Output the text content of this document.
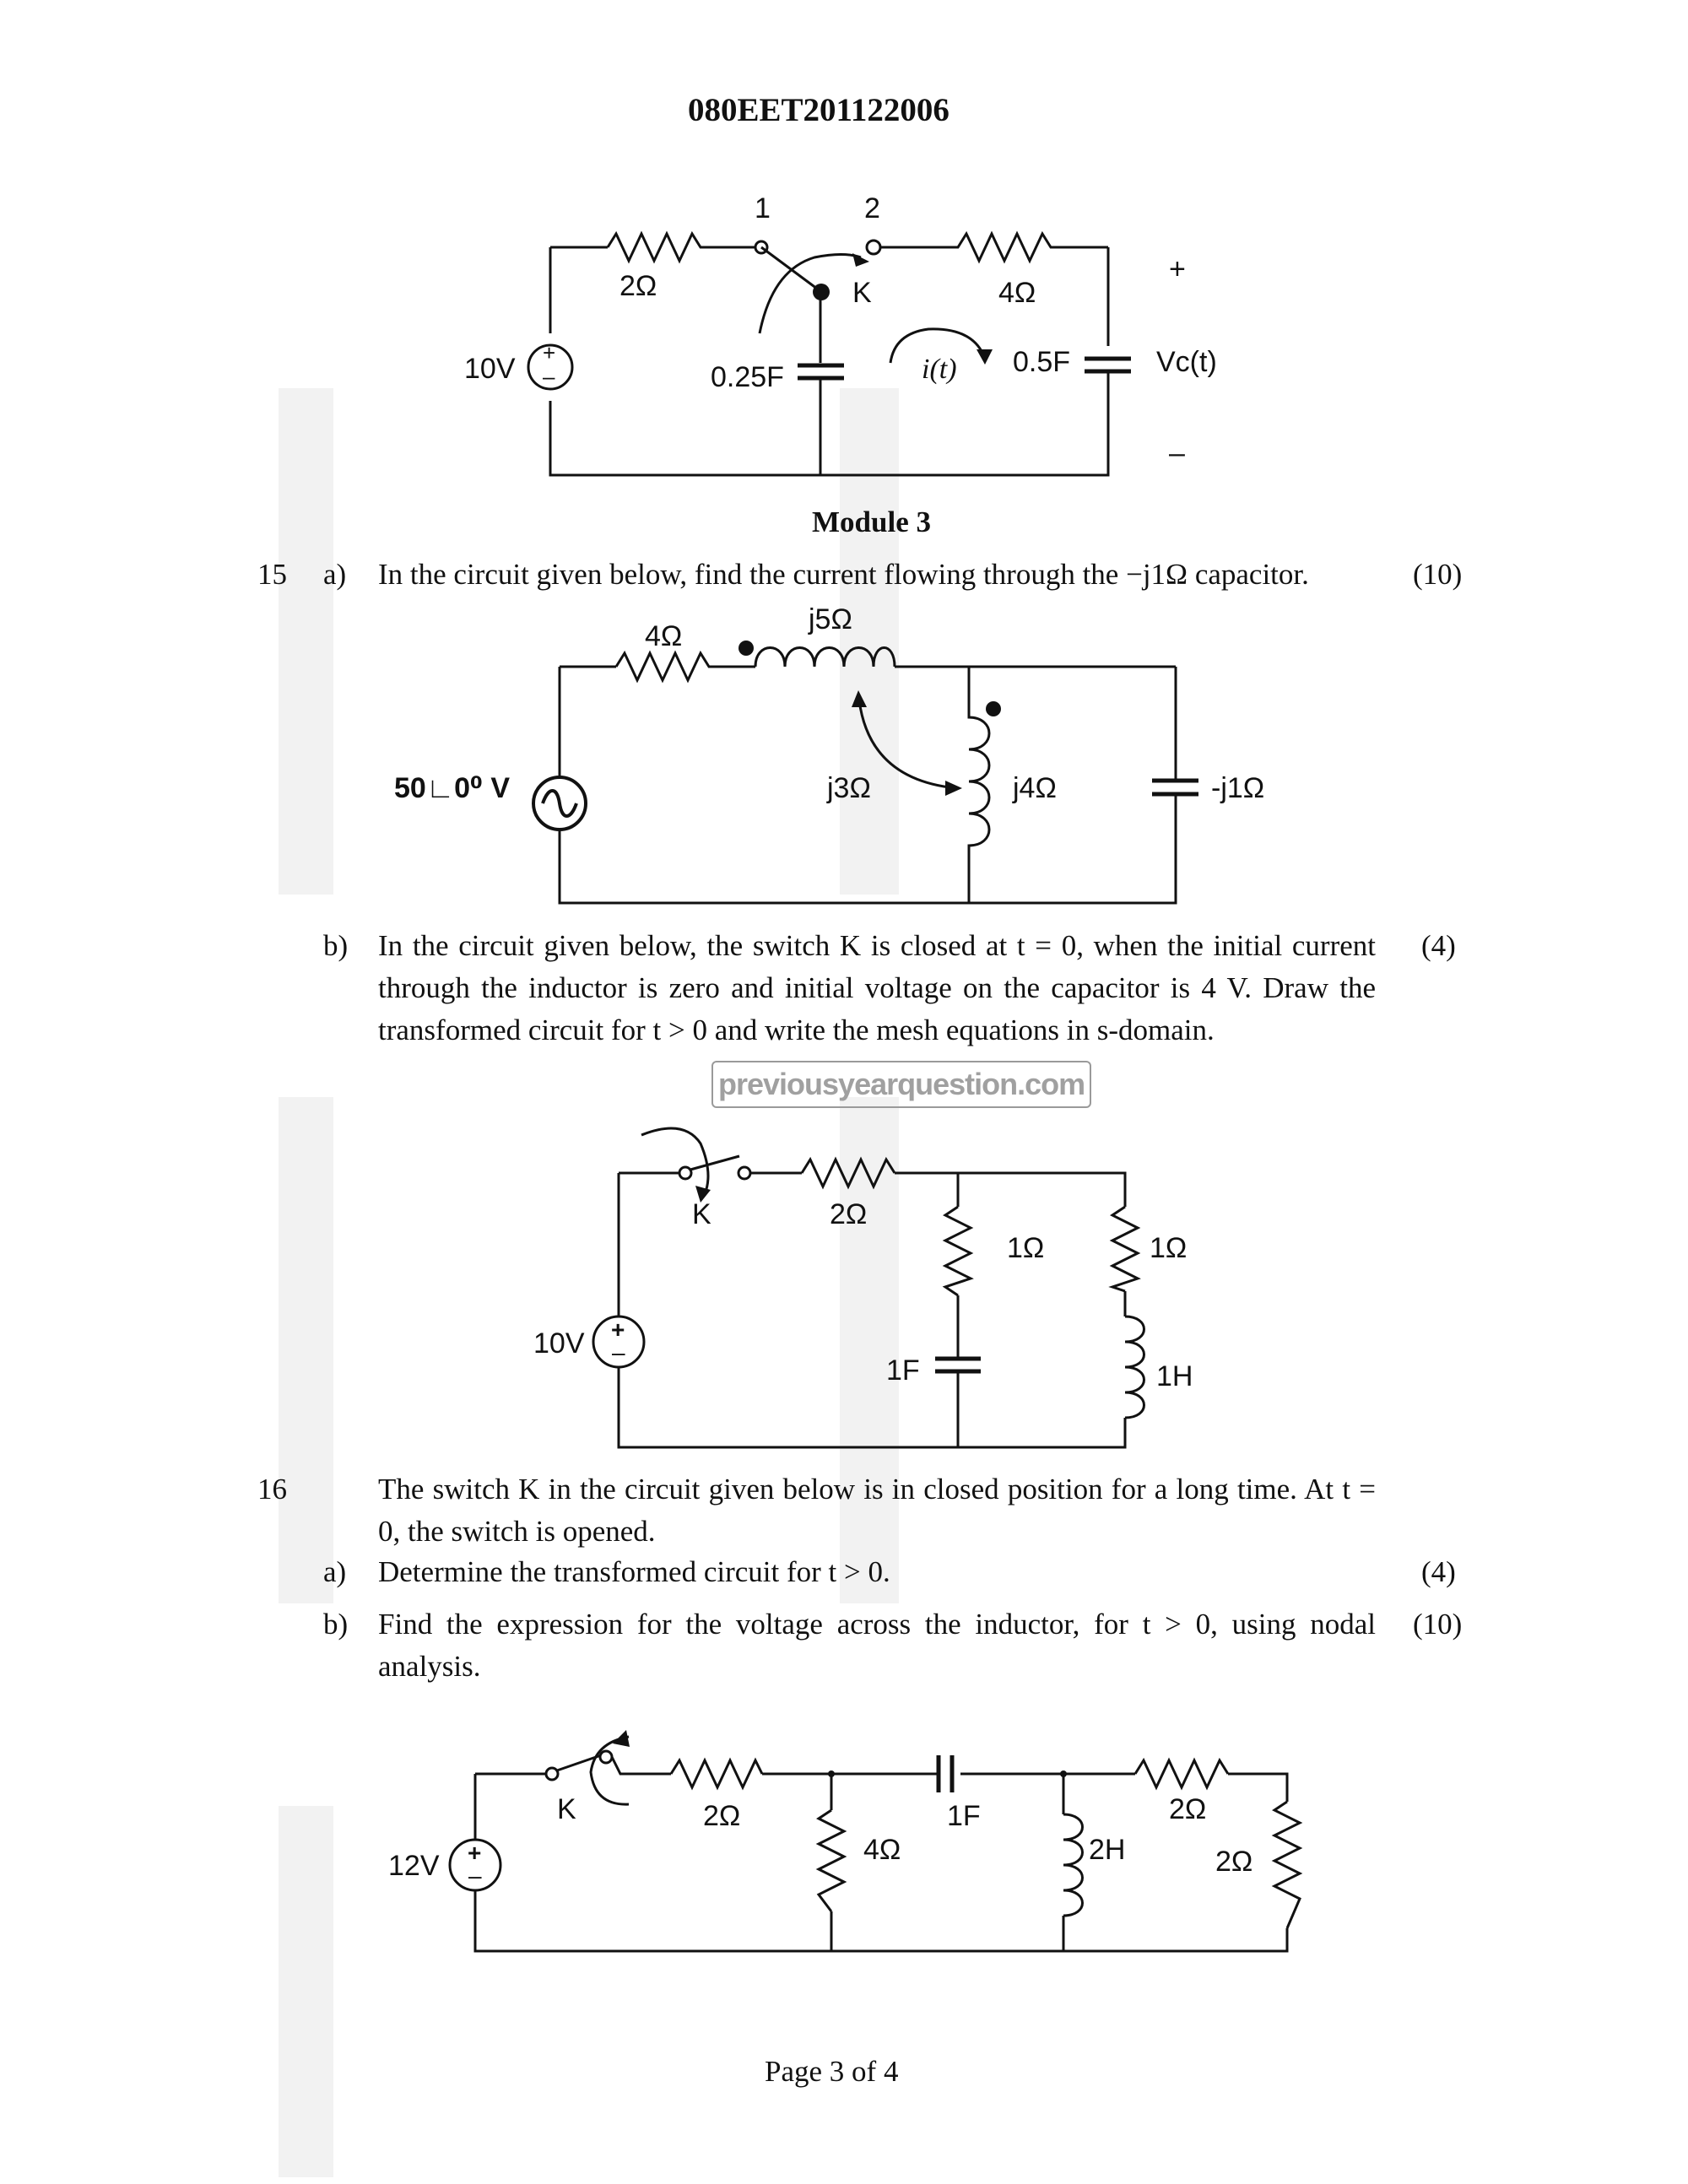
080EET201122006
+
–
1	2
2Ω	K	4Ω
10V	0.25F	i(t) 0.5F	Vc(t)
+
–
Module 3
15 a) In the circuit given below, find the current flowing through the −j1Ω capacitor.	(10)
4Ω
j5Ω
j3Ω	j4Ω	-j1Ω
50∟0⁰ V
b) In the circuit given below, the switch K is closed at t = 0, when the initial current through the inductor is zero and initial voltage on the capacitor is 4 V. Draw the transformed circuit for t > 0 and write the mesh equations in s-domain.
(4)
previousyearquestion.com
+
–
K	2Ω
1Ω	1Ω
10V
1F	1H
16	The switch K in the circuit given below is in closed position for a long time. At t = 0, the switch is opened.
a) Determine the transformed circuit for t > 0.	(4)
b) Find the expression for the voltage across the inductor, for t > 0, using nodal analysis.
(10)
+
–
K
12V
2Ω
4Ω
1F
2H
2Ω
2Ω
Page 3 of 4
